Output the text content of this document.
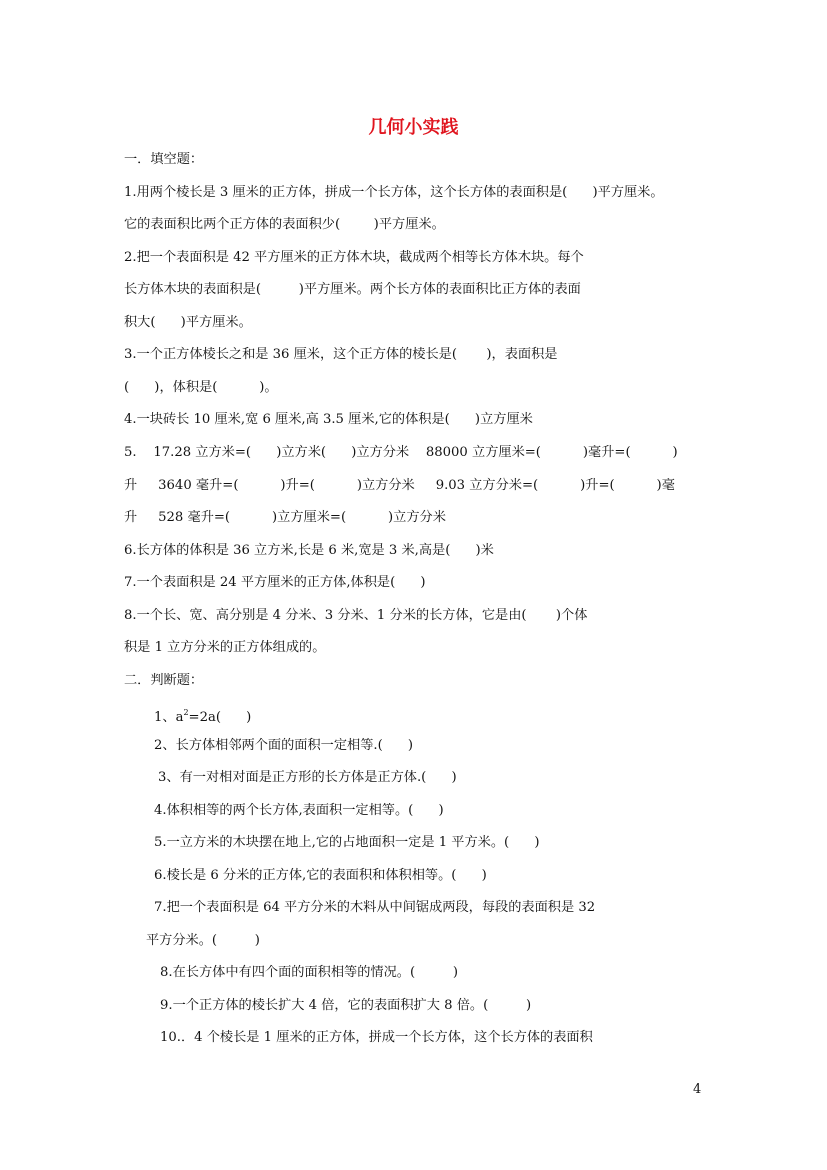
几何小实践
一．填空题：
1.用两个棱长是 3 厘米的正方体，拼成一个长方体，这个长方体的表面积是(      )平方厘米。
它的表面积比两个正方体的表面积少(        )平方厘米。
2.把一个表面积是 42 平方厘米的正方体木块，截成两个相等长方体木块。每个
长方体木块的表面积是(         )平方厘米。两个长方体的表面积比正方体的表面
积大(      )平方厘米。
3.一个正方体棱长之和是 36 厘米，这个正方体的棱长是(       )，表面积是
(      )，体积是(          )。
4.一块砖长 10 厘米,宽 6 厘米,高 3.5 厘米,它的体积是(      )立方厘米
5.    17.28 立方米=(      )立方米(      )立方分米    88000 立方厘米=(          )毫升=(          )
升     3640 毫升=(          )升=(          )立方分米     9.03 立方分米=(          )升=(          )毫
升     528 毫升=(          )立方厘米=(          )立方分米
6.长方体的体积是 36 立方米,长是 6 米,宽是 3 米,高是(      )米
7.一个表面积是 24 平方厘米的正方体,体积是(      )
8.一个长、宽、高分别是 4 分米、3 分米、1 分米的长方体，它是由(       )个体
积是 1 立方分米的正方体组成的。
二．判断题：
1、$a^2=2a$(      )
2、长方体相邻两个面的面积一定相等.(      )
3、有一对相对面是正方形的长方体是正方体.(      )
4.体积相等的两个长方体,表面积一定相等。(      )
5.一立方米的木块摆在地上,它的占地面积一定是 1 平方米。(      )
6.棱长是 6 分米的正方体,它的表面积和体积相等。(      )
7.把一个表面积是 64 平方分米的木料从中间锯成两段，每段的表面积是 32
平方分米。(         )
8.在长方体中有四个面的面积相等的情况。(         )
9.一个正方体的棱长扩大 4 倍，它的表面积扩大 8 倍。(         )
10.．4 个棱长是 1 厘米的正方体，拼成一个长方体，这个长方体的表面积
4
